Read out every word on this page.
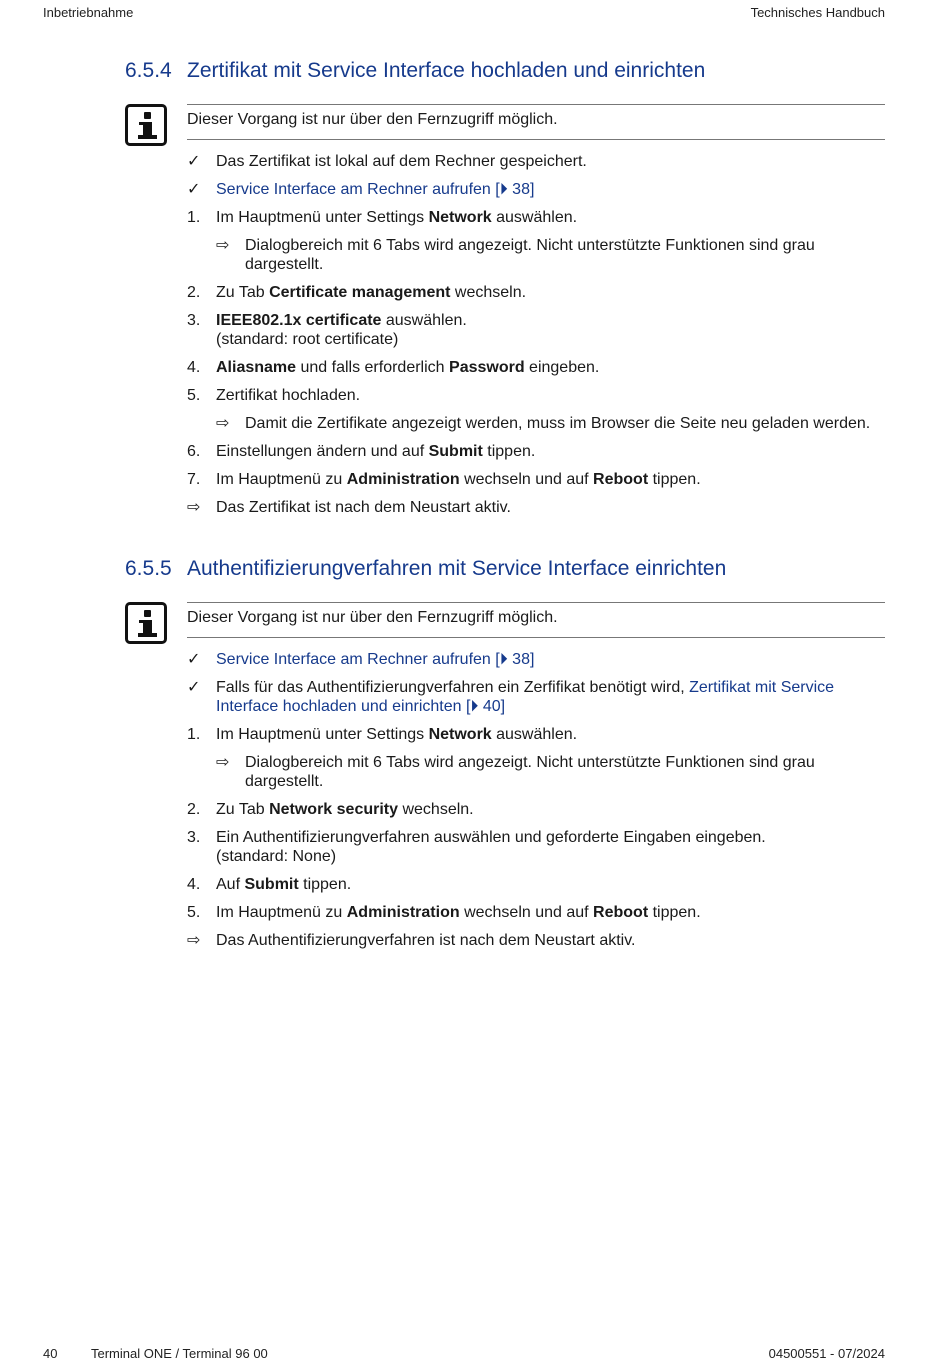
Inbetriebnahme	Technisches Handbuch
6.5.4 Zertifikat mit Service Interface hochladen und einrichten
Dieser Vorgang ist nur über den Fernzugriff möglich.
✓ Das Zertifikat ist lokal auf dem Rechner gespeichert.
✓ Service Interface am Rechner aufrufen [⏵ 38]
1. Im Hauptmenü unter Settings Network auswählen.
⇨ Dialogbereich mit 6 Tabs wird angezeigt. Nicht unterstützte Funktionen sind grau dargestellt.
2. Zu Tab Certificate management wechseln.
3. IEEE802.1x certificate auswählen.
(standard: root certificate)
4. Aliasname und falls erforderlich Password eingeben.
5. Zertifikat hochladen.
⇨ Damit die Zertifikate angezeigt werden, muss im Browser die Seite neu geladen werden.
6. Einstellungen ändern und auf Submit tippen.
7. Im Hauptmenü zu Administration wechseln und auf Reboot tippen.
⇨ Das Zertifikat ist nach dem Neustart aktiv.
6.5.5 Authentifizierungverfahren mit Service Interface einrichten
Dieser Vorgang ist nur über den Fernzugriff möglich.
✓ Service Interface am Rechner aufrufen [⏵ 38]
✓ Falls für das Authentifizierungverfahren ein Zerfifikat benötigt wird, Zertifikat mit Service Interface hochladen und einrichten [⏵ 40]
1. Im Hauptmenü unter Settings Network auswählen.
⇨ Dialogbereich mit 6 Tabs wird angezeigt. Nicht unterstützte Funktionen sind grau dargestellt.
2. Zu Tab Network security wechseln.
3. Ein Authentifizierungverfahren auswählen und geforderte Eingaben eingeben.
(standard: None)
4. Auf Submit tippen.
5. Im Hauptmenü zu Administration wechseln und auf Reboot tippen.
⇨ Das Authentifizierungverfahren ist nach dem Neustart aktiv.
40	Terminal ONE / Terminal 96 00	04500551 - 07/2024
